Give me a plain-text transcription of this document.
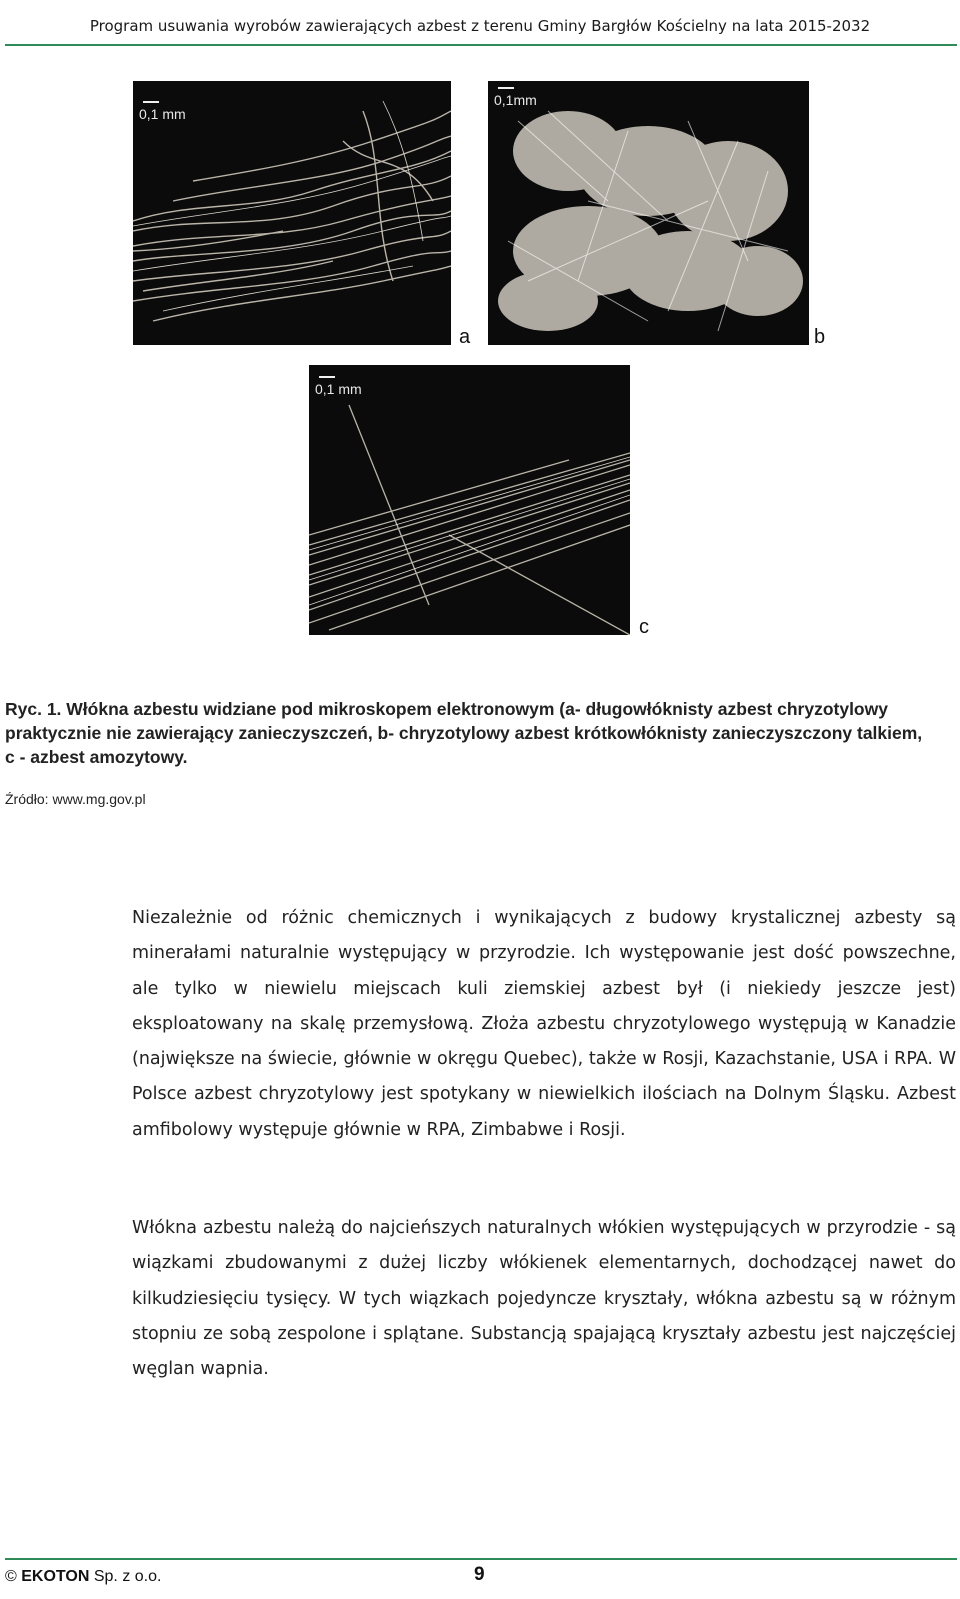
Program usuwania wyrobów zawierających azbest z terenu Gminy Bargłów Kościelny na lata 2015-2032
0,1 mm
a
0,1mm
b
0,1 mm
c
Ryc. 1. Włókna azbestu widziane pod mikroskopem elektronowym (a- długowłóknisty azbest chryzotylowy praktycznie nie zawierający zanieczyszczeń, b- chryzotylowy azbest krótkowłóknisty zanieczyszczony talkiem, c - azbest amozytowy.
Źródło: www.mg.gov.pl
Niezależnie od różnic chemicznych i wynikających z budowy krystalicznej azbesty są minerałami naturalnie występujący w przyrodzie. Ich występowanie jest dość powszechne, ale tylko w niewielu miejscach kuli ziemskiej azbest był (i niekiedy jeszcze jest) eksploatowany na skalę przemysłową. Złoża azbestu chryzotylowego występują w Kanadzie (największe na świecie, głównie w okręgu Quebec), także w Rosji, Kazachstanie, USA i RPA. W Polsce azbest chryzotylowy jest spotykany w niewielkich ilościach na Dolnym Śląsku. Azbest amfibolowy występuje głównie w RPA, Zimbabwe i Rosji.
Włókna azbestu należą do najcieńszych naturalnych włókien występujących w przyrodzie - są wiązkami zbudowanymi z dużej liczby włókienek elementarnych, dochodzącej nawet do kilkudziesięciu tysięcy. W tych wiązkach pojedyncze kryształy, włókna azbestu są w różnym stopniu ze sobą zespolone i splątane. Substancją spajającą kryształy azbestu jest najczęściej węglan wapnia.
© EKOTON Sp. z o.o.	9
